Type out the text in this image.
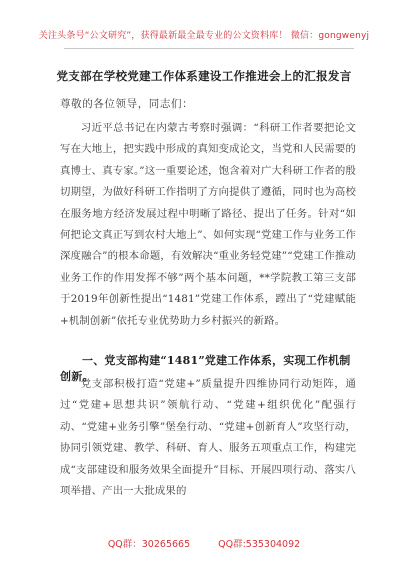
关注头条号“公文研究”，获得最新最全最专业的公文资料库！ 微信：gongwenyj
党支部在学校党建工作体系建设工作推进会上的汇报发言
尊敬的各位领导，同志们：

习近平总书记在内蒙古考察时强调：“科研工作者要把论文写在大地上，把实践中形成的真知变成论文，当党和人民需要的真博士、真专家。”这一重要论述，饱含着对广大科研工作者的殷切期望，为做好科研工作指明了方向提供了遵循，同时也为高校在服务地方经济发展过程中明晰了路径、提出了任务。针对“如何把论文真正写到农村大地上”、如何实现“党建工作与业务工作深度融合”的根本命题，有效解决“重业务轻党建”“党建工作推动业务工作的作用发挥不够”两个基本问题，**学院教工第三支部于2019年创新性提出“1481”党建工作体系，蹚出了“党建赋能+机制创新”依托专业优势助力乡村振兴的新路。

一、党支部构建“1481”党建工作体系，实现工作机制创新。

党支部积极打造“党建+”质量提升四维协同行动矩阵，通过“党建+思想共识”领航行动、“党建+组织优化”配强行动、“党建+业务引擎”堡垒行动、“党建+创新育人”攻坚行动，协同引领党建、教学、科研、育人、服务五项重点工作，构建完成“支部建设和服务效果全面提升”目标、开展四项行动、落实八项举措、产出一大批成果的

QQ群：30265665	QQ群:535304092
